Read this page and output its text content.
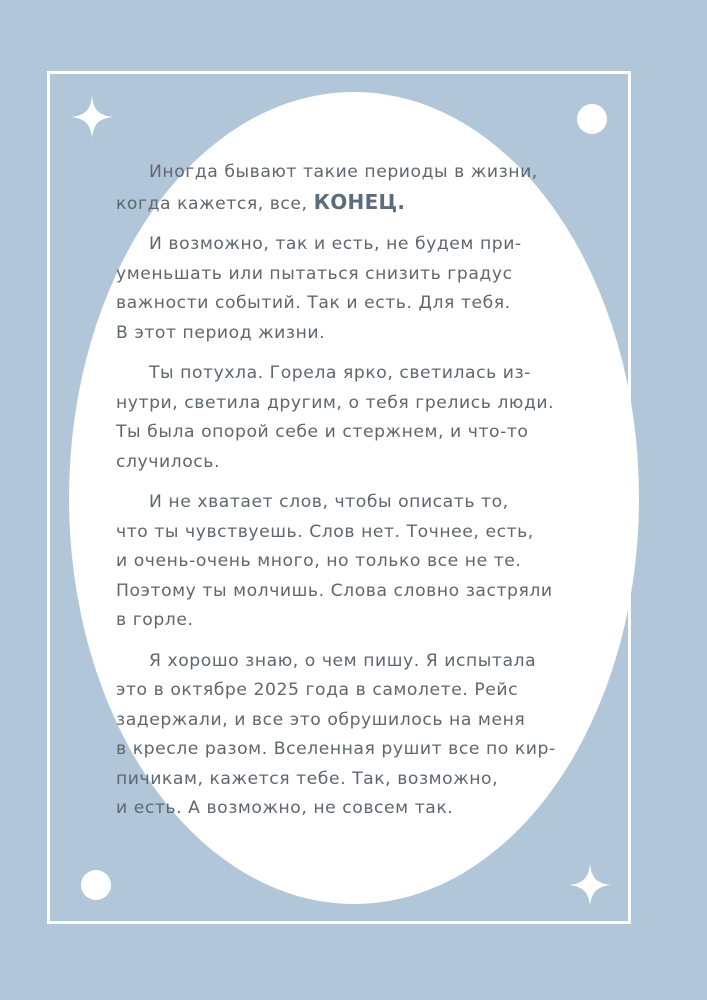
Иногда бывают такие периоды в жизни,
когда кажется, все, КОНЕЦ.

И возможно, так и есть, не будем при-
уменьшать или пытаться снизить градус
важности событий. Так и есть. Для тебя.
В этот период жизни.

Ты потухла. Горела ярко, светилась из-
нутри, светила другим, о тебя грелись люди.
Ты была опорой себе и стержнем, и что-то
случилось.

И не хватает слов, чтобы описать то,
что ты чувствуешь. Слов нет. Точнее, есть,
и очень-очень много, но только все не те.
Поэтому ты молчишь. Слова словно застряли
в горле.

Я хорошо знаю, о чем пишу. Я испытала
это в октябре 2025 года в самолете. Рейс
задержали, и все это обрушилось на меня
в кресле разом. Вселенная рушит все по кир-
пичикам, кажется тебе. Так, возможно,
и есть. А возможно, не совсем так.
